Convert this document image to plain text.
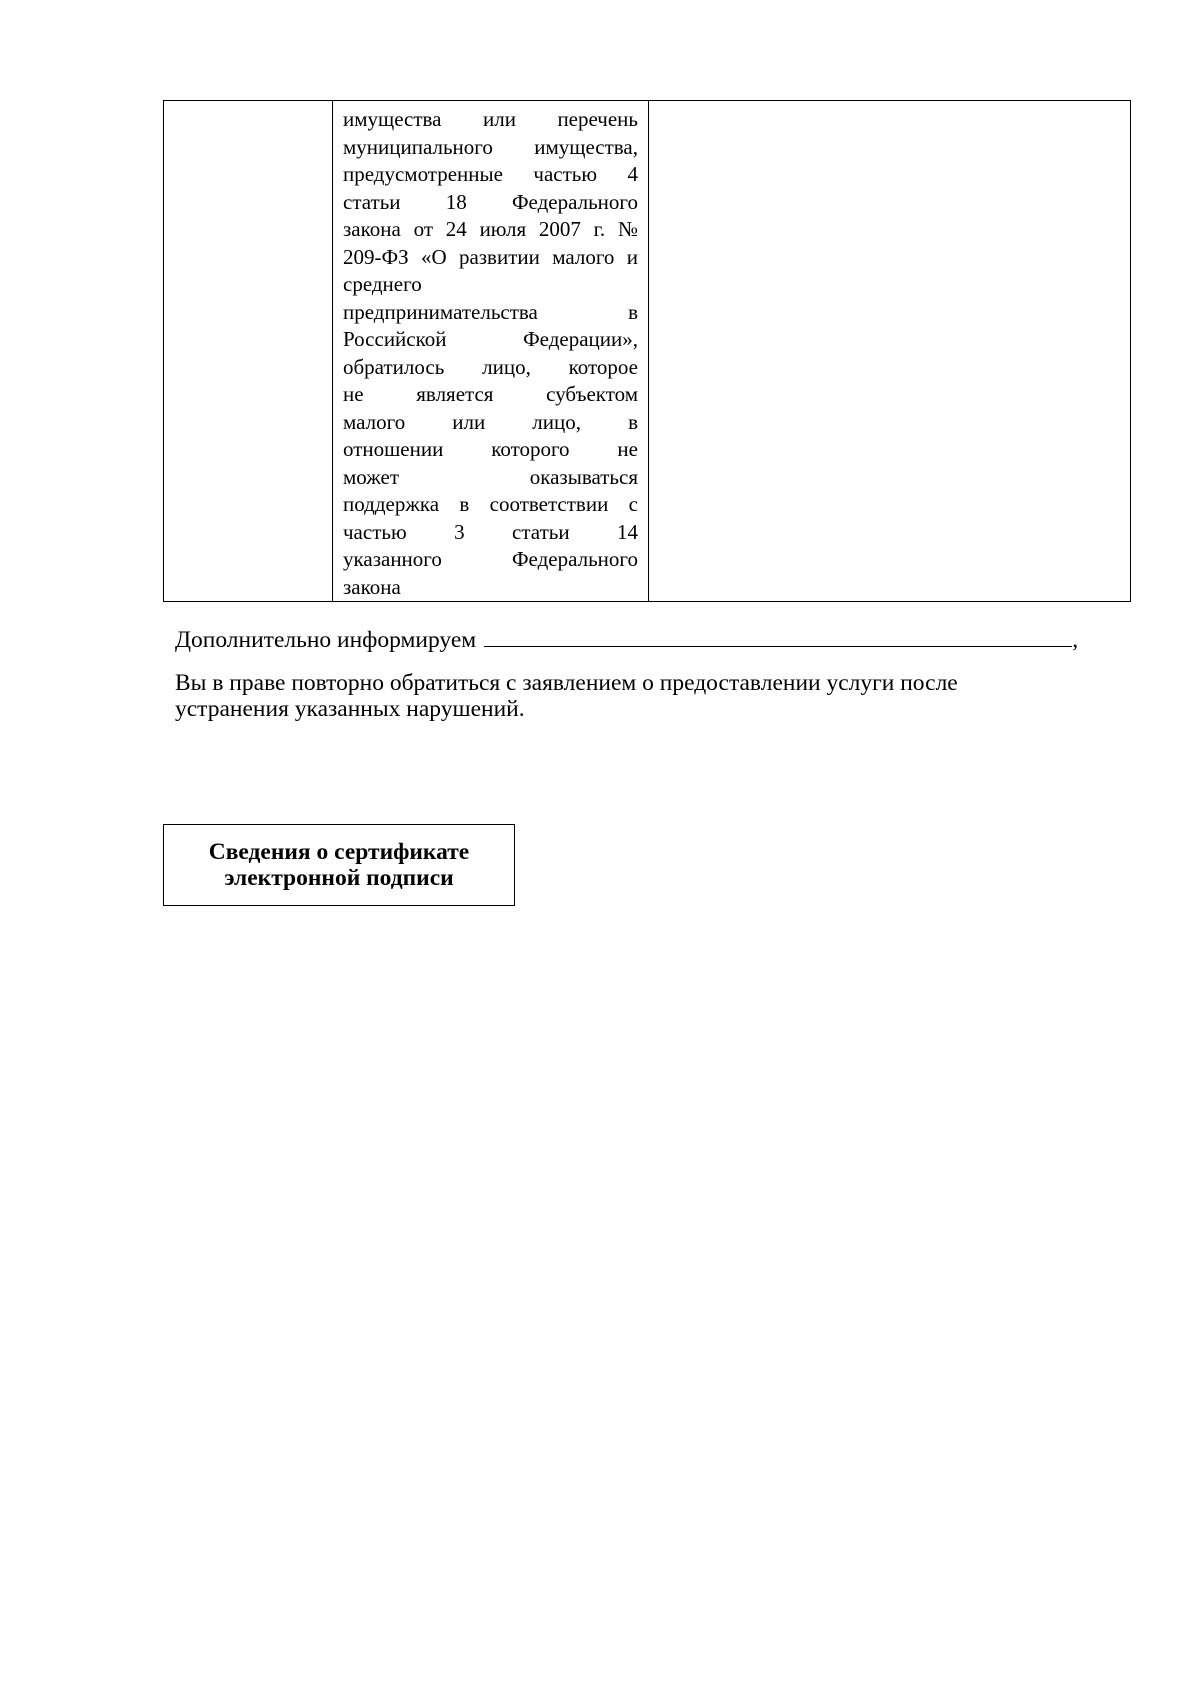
имущества или перечень
муниципального имущества,
предусмотренные частью 4
статьи 18 Федерального
закона от 24 июля 2007 г. №
209-ФЗ «О развитии малого и
среднего
предпринимательства в
Российской Федерации»,
обратилось лицо, которое
не является субъектом
малого или лицо, в
отношении которого не
может оказываться
поддержка в соответствии с
частью 3 статьи 14
указанного Федерального
закона

Дополнительно информируем	,
Вы в праве повторно обратиться с заявлением о предоставлении услуги после
устранения указанных нарушений.
Сведения о сертификате
электронной подписи
